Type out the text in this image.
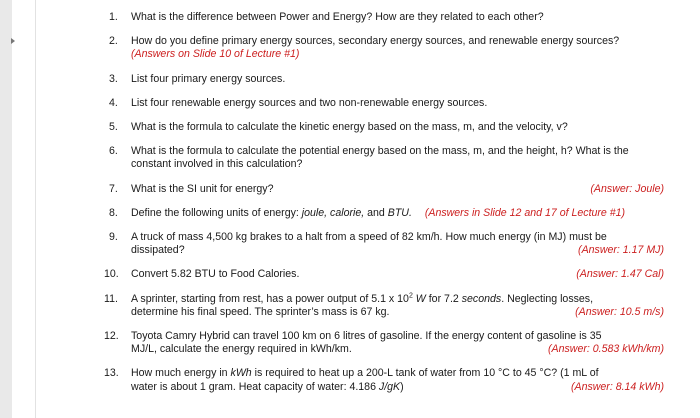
1. What is the difference between Power and Energy? How are they related to each other?
2. How do you define primary energy sources, secondary energy sources, and renewable energy sources?
(Answers on Slide 10 of Lecture #1)
3. List four primary energy sources.
4. List four renewable energy sources and two non-renewable energy sources.
5. What is the formula to calculate the kinetic energy based on the mass, m, and the velocity, v?
6. What is the formula to calculate the potential energy based on the mass, m, and the height, h? What is the constant involved in this calculation?
7.	(Answer: Joule)
What is the SI unit for energy?
8. Define the following units of energy: joule, calorie, and BTU. (Answers in Slide 12 and 17 of Lecture #1)
9. A truck of mass 4,500 kg brakes to a halt from a speed of 82 km/h. How much energy (in MJ) must be

(Answer: 1.17 MJ)
dissipated?
10.	(Answer: 1.47 Cal)
Convert 5.82 BTU to Food Calories.
11. A sprinter, starting from rest, has a power output of 5.1 x $10^2$ W for 7.2 seconds. Neglecting losses,

(Answer: 10.5 m/s)
determine his final speed. The sprinter’s mass is 67 kg.
12. Toyota Camry Hybrid can travel 100 km on 6 litres of gasoline. If the energy content of gasoline is 35

(Answer: 0.583 kWh/km)
MJ/L, calculate the energy required in kWh/km.
13. How much energy in kWh is required to heat up a 200-L tank of water from 10 °C to 45 °C? (1 mL of

(Answer: 8.14 kWh)
water is about 1 gram. Heat capacity of water: 4.186 J/gK)
